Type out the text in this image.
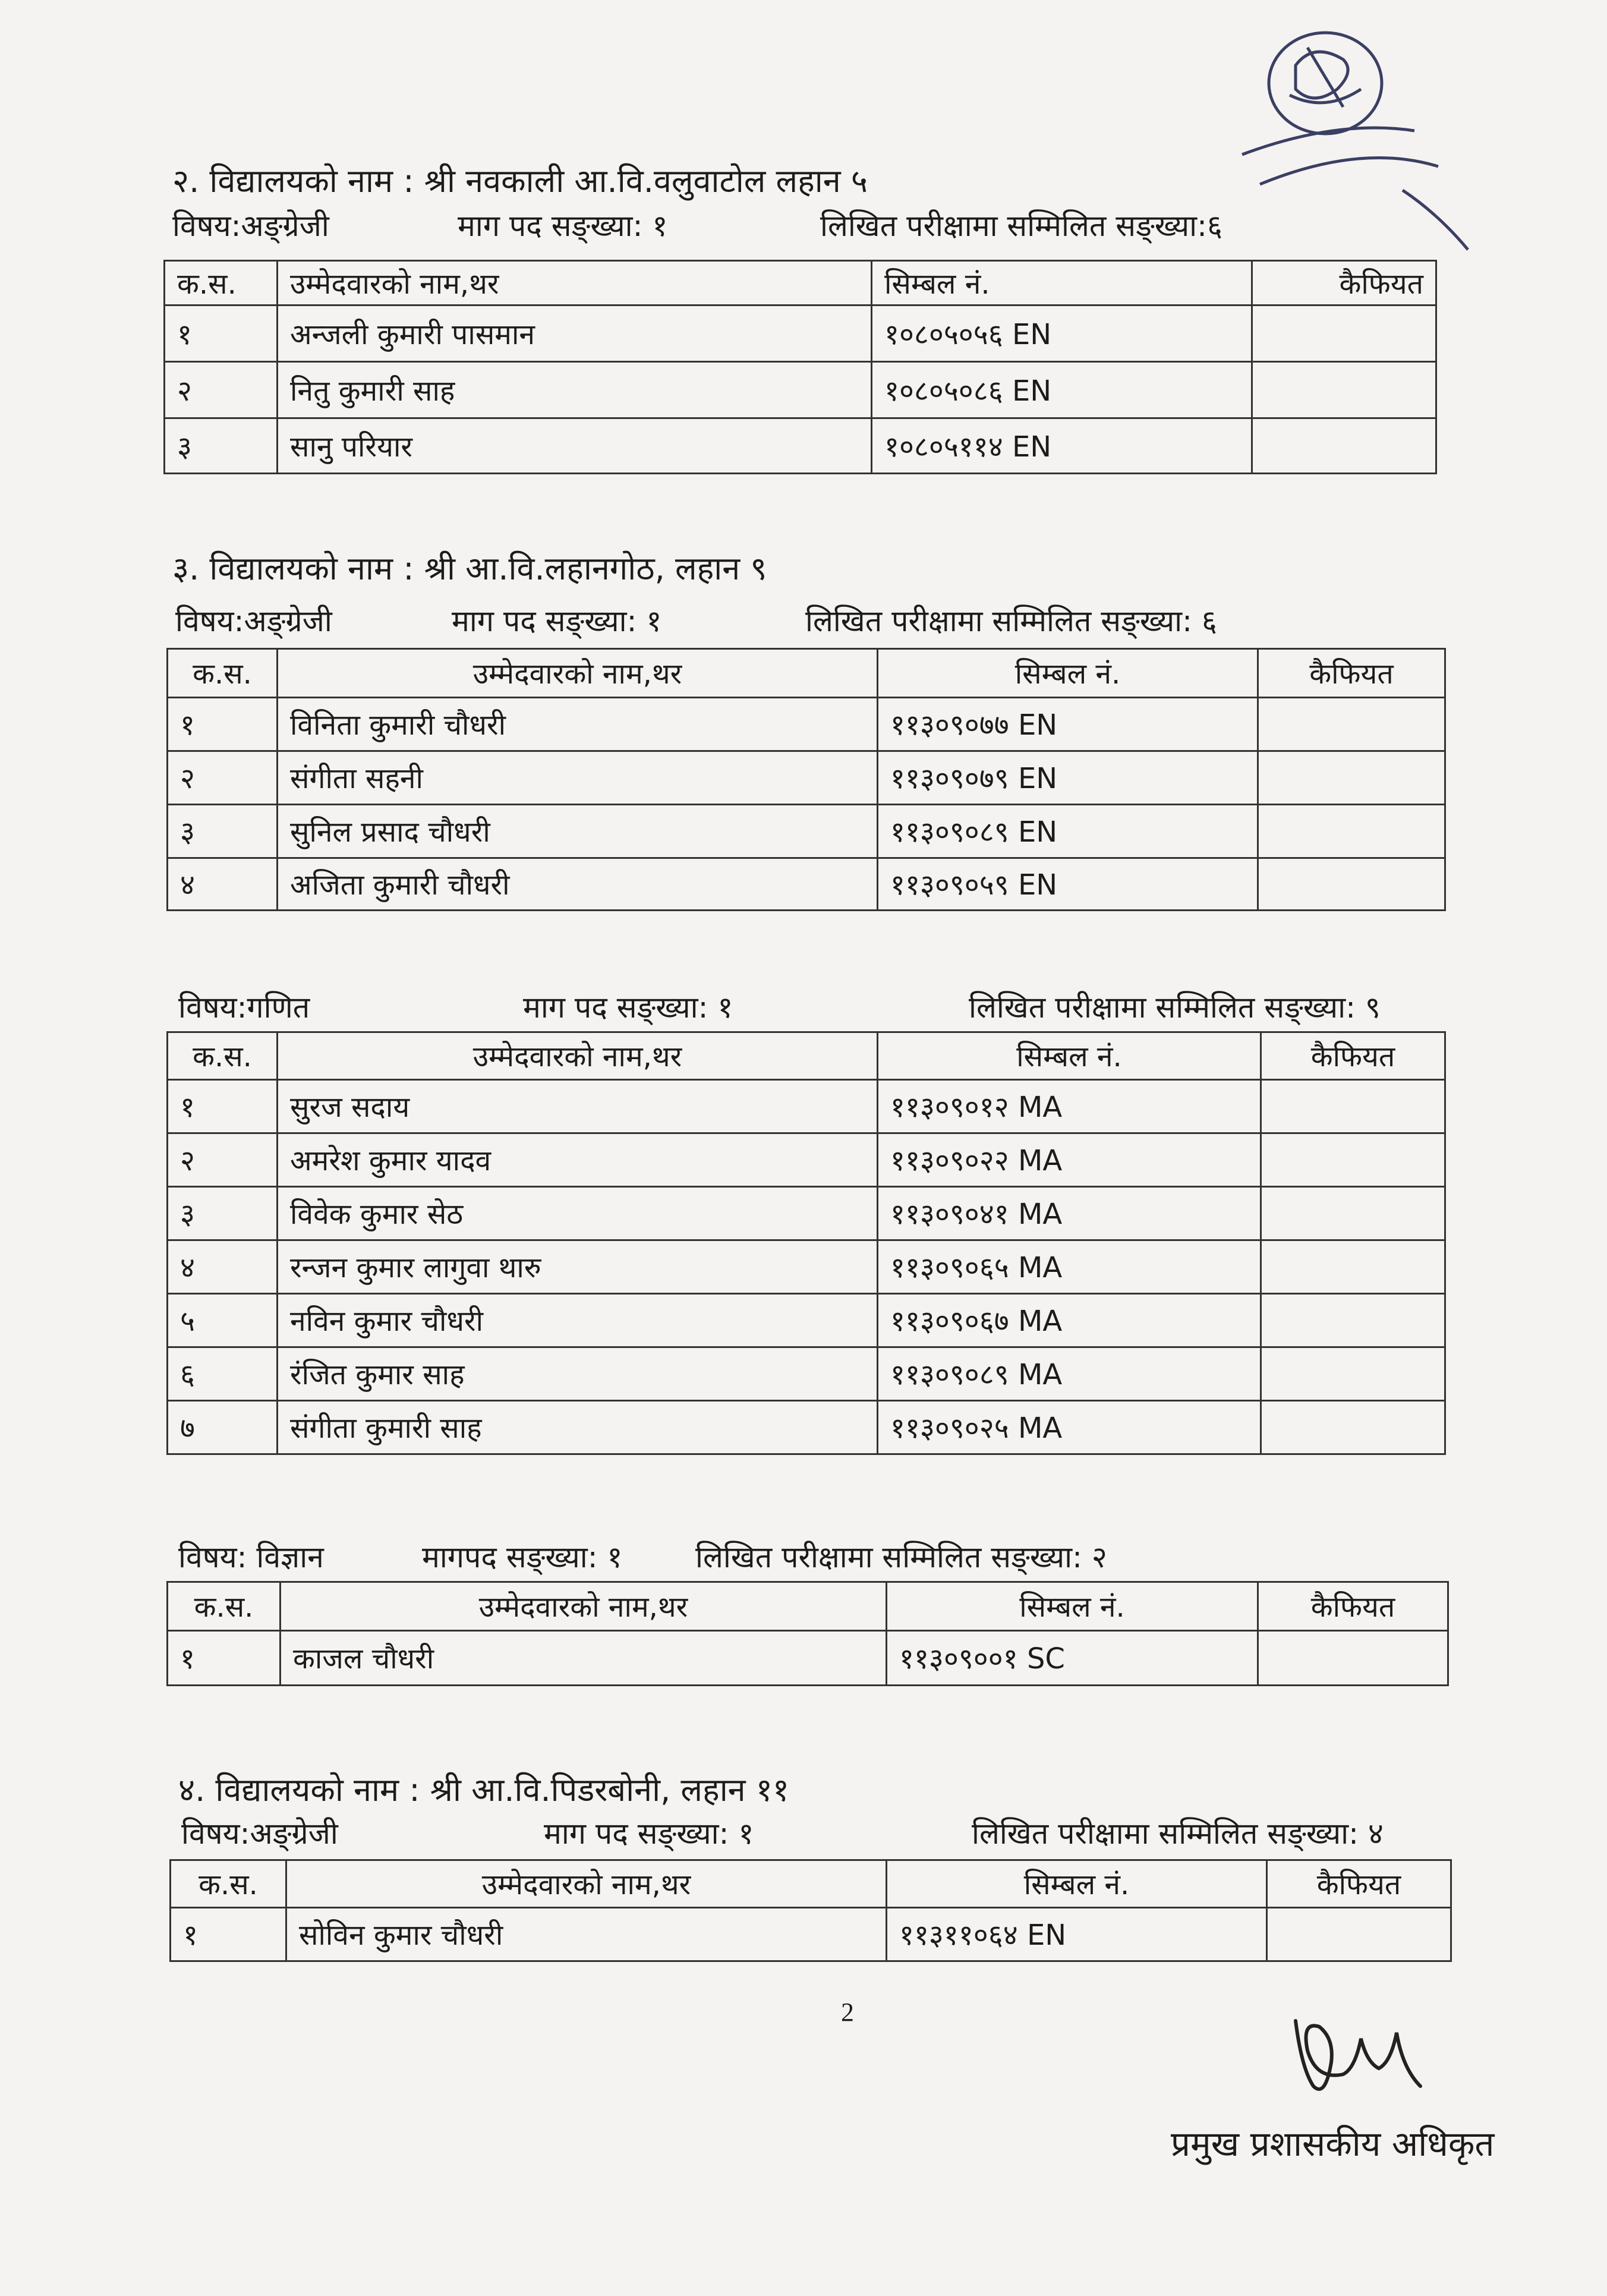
२. विद्यालयको नाम : श्री नवकाली आ.वि.वलुवाटोल लहान ५
विषय:अङ्ग्रेजी	माग पद सङ्ख्या: १	लिखित परीक्षामा सम्मिलित सङ्ख्या:६
क.स.	उम्मेदवारको नाम,थर	सिम्बल नं.	कैफियत
१	अन्जली कुमारी पासमान	१०८०५०५६ EN	
२	नितु कुमारी साह	१०८०५०८६ EN	
३	सानु परियार	१०८०५११४ EN	
३. विद्यालयको नाम : श्री आ.वि.लहानगोठ, लहान ९
विषय:अङ्ग्रेजी	माग पद सङ्ख्या: १	लिखित परीक्षामा सम्मिलित सङ्ख्या: ६
क.स.	उम्मेदवारको नाम,थर	सिम्बल नं.	कैफियत
१	विनिता कुमारी चौधरी	११३०९०७७ EN	
२	संगीता सहनी	११३०९०७९ EN	
३	सुनिल प्रसाद चौधरी	११३०९०८९ EN	
४	अजिता कुमारी चौधरी	११३०९०५९ EN	
विषय:गणित	माग पद सङ्ख्या: १	लिखित परीक्षामा सम्मिलित सङ्ख्या: ९
क.स.	उम्मेदवारको नाम,थर	सिम्बल नं.	कैफियत
१	सुरज सदाय	११३०९०१२ MA	
२	अमरेश कुमार यादव	११३०९०२२ MA	
३	विवेक कुमार सेठ	११३०९०४१ MA	
४	रन्जन कुमार लागुवा थारु	११३०९०६५ MA	
५	नविन कुमार चौधरी	११३०९०६७ MA	
६	रंजित कुमार साह	११३०९०८९ MA	
७	संगीता कुमारी साह	११३०९०२५ MA	
विषय: विज्ञान	मागपद सङ्ख्या: १ लिखित परीक्षामा सम्मिलित सङ्ख्या: २
क.स.	उम्मेदवारको नाम,थर	सिम्बल नं.	कैफियत
१	काजल चौधरी	११३०९००१ SC	
४. विद्यालयको नाम : श्री आ.वि.पिडरबोनी, लहान ११
विषय:अङ्ग्रेजी	माग पद सङ्ख्या: १	लिखित परीक्षामा सम्मिलित सङ्ख्या: ४
क.स.	उम्मेदवारको नाम,थर	सिम्बल नं.	कैफियत
१	सोविन कुमार चौधरी	११३११०६४ EN	
2
प्रमुख प्रशासकीय अधिकृत
